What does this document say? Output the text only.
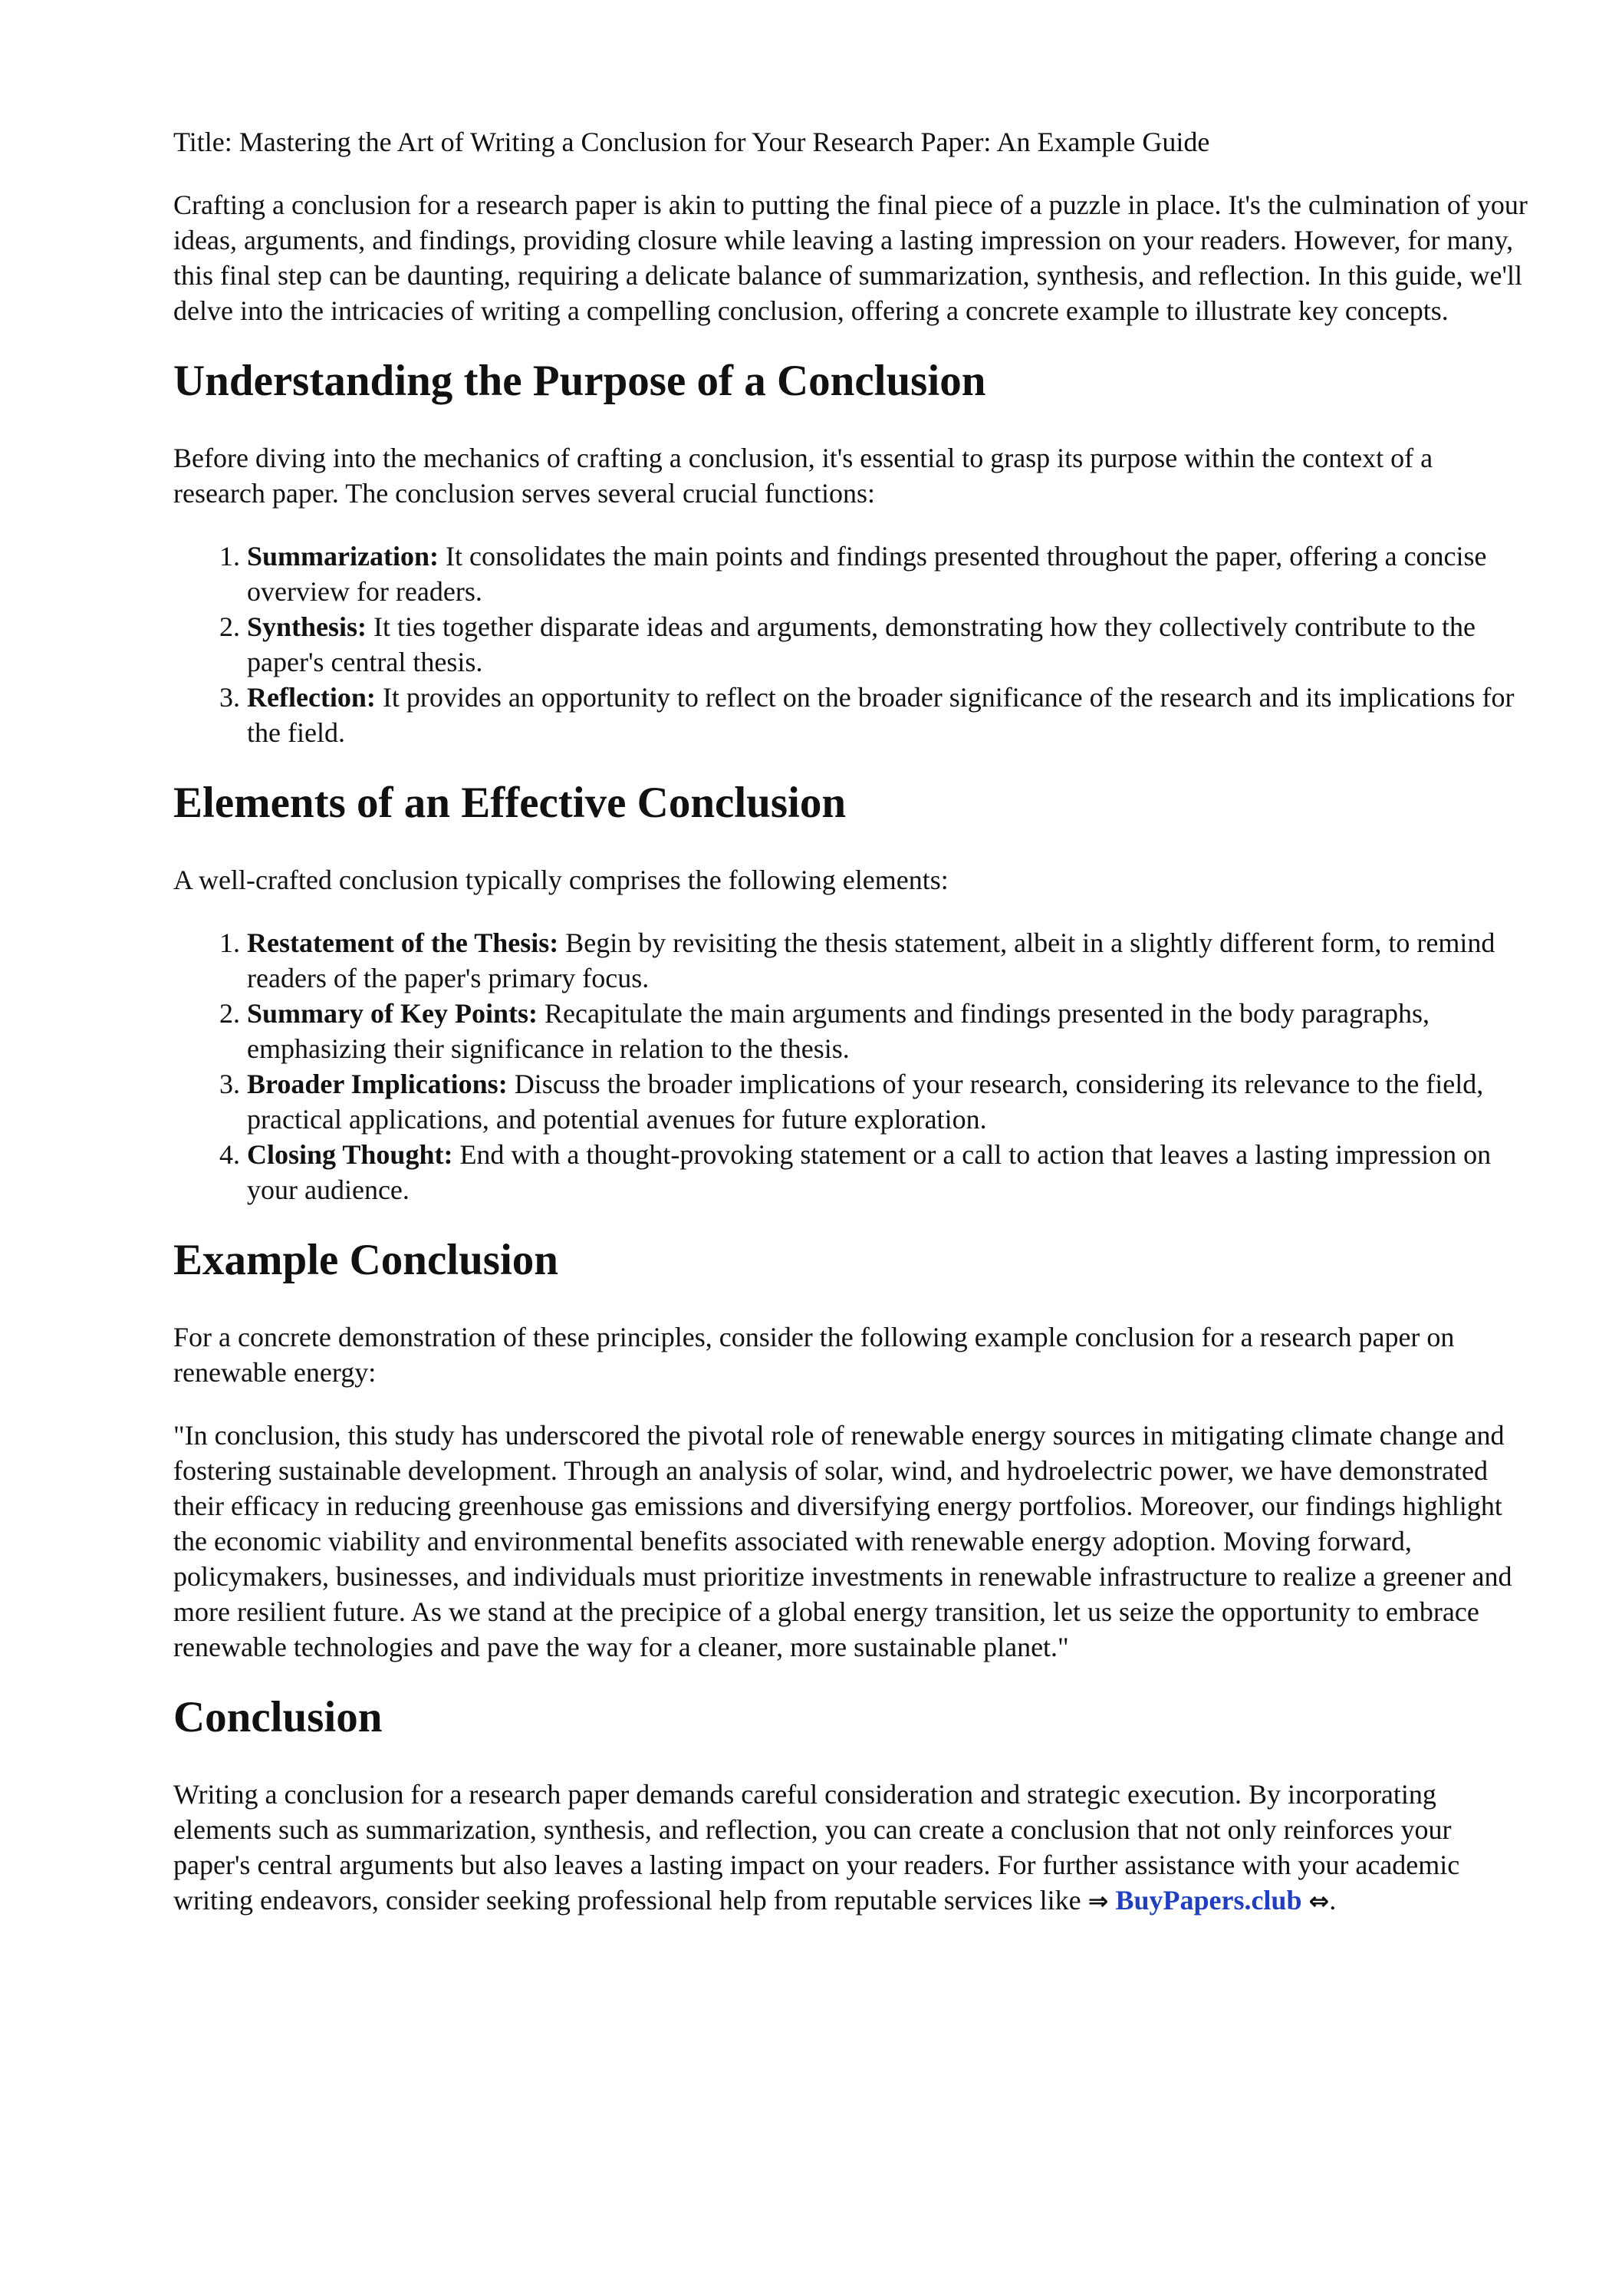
Title: Mastering the Art of Writing a Conclusion for Your Research Paper: An Example Guide

Crafting a conclusion for a research paper is akin to putting the final piece of a puzzle in place. It's the culmination of your ideas, arguments, and findings, providing closure while leaving a lasting impression on your readers. However, for many, this final step can be daunting, requiring a delicate balance of summarization, synthesis, and reflection. In this guide, we'll delve into the intricacies of writing a compelling conclusion, offering a concrete example to illustrate key concepts.

Understanding the Purpose of a Conclusion

Before diving into the mechanics of crafting a conclusion, it's essential to grasp its purpose within the context of a research paper. The conclusion serves several crucial functions:

1. Summarization: It consolidates the main points and findings presented throughout the paper, offering a concise overview for readers.
2. Synthesis: It ties together disparate ideas and arguments, demonstrating how they collectively contribute to the paper's central thesis.
3. Reflection: It provides an opportunity to reflect on the broader significance of the research and its implications for the field.
Elements of an Effective Conclusion

A well-crafted conclusion typically comprises the following elements:

1. Restatement of the Thesis: Begin by revisiting the thesis statement, albeit in a slightly different form, to remind readers of the paper's primary focus.
2. Summary of Key Points: Recapitulate the main arguments and findings presented in the body paragraphs, emphasizing their significance in relation to the thesis.
3. Broader Implications: Discuss the broader implications of your research, considering its relevance to the field, practical applications, and potential avenues for future exploration.
4. Closing Thought: End with a thought-provoking statement or a call to action that leaves a lasting impression on your audience.
Example Conclusion

For a concrete demonstration of these principles, consider the following example conclusion for a research paper on renewable energy:

"In conclusion, this study has underscored the pivotal role of renewable energy sources in mitigating climate change and fostering sustainable development. Through an analysis of solar, wind, and hydroelectric power, we have demonstrated their efficacy in reducing greenhouse gas emissions and diversifying energy portfolios. Moreover, our findings highlight the economic viability and environmental benefits associated with renewable energy adoption. Moving forward, policymakers, businesses, and individuals must prioritize investments in renewable infrastructure to realize a greener and more resilient future. As we stand at the precipice of a global energy transition, let us seize the opportunity to embrace renewable technologies and pave the way for a cleaner, more sustainable planet."

Conclusion

Writing a conclusion for a research paper demands careful consideration and strategic execution. By incorporating elements such as summarization, synthesis, and reflection, you can create a conclusion that not only reinforces your paper's central arguments but also leaves a lasting impact on your readers. For further assistance with your academic writing endeavors, consider seeking professional help from reputable services like ⇒ BuyPapers.club ⇔.
